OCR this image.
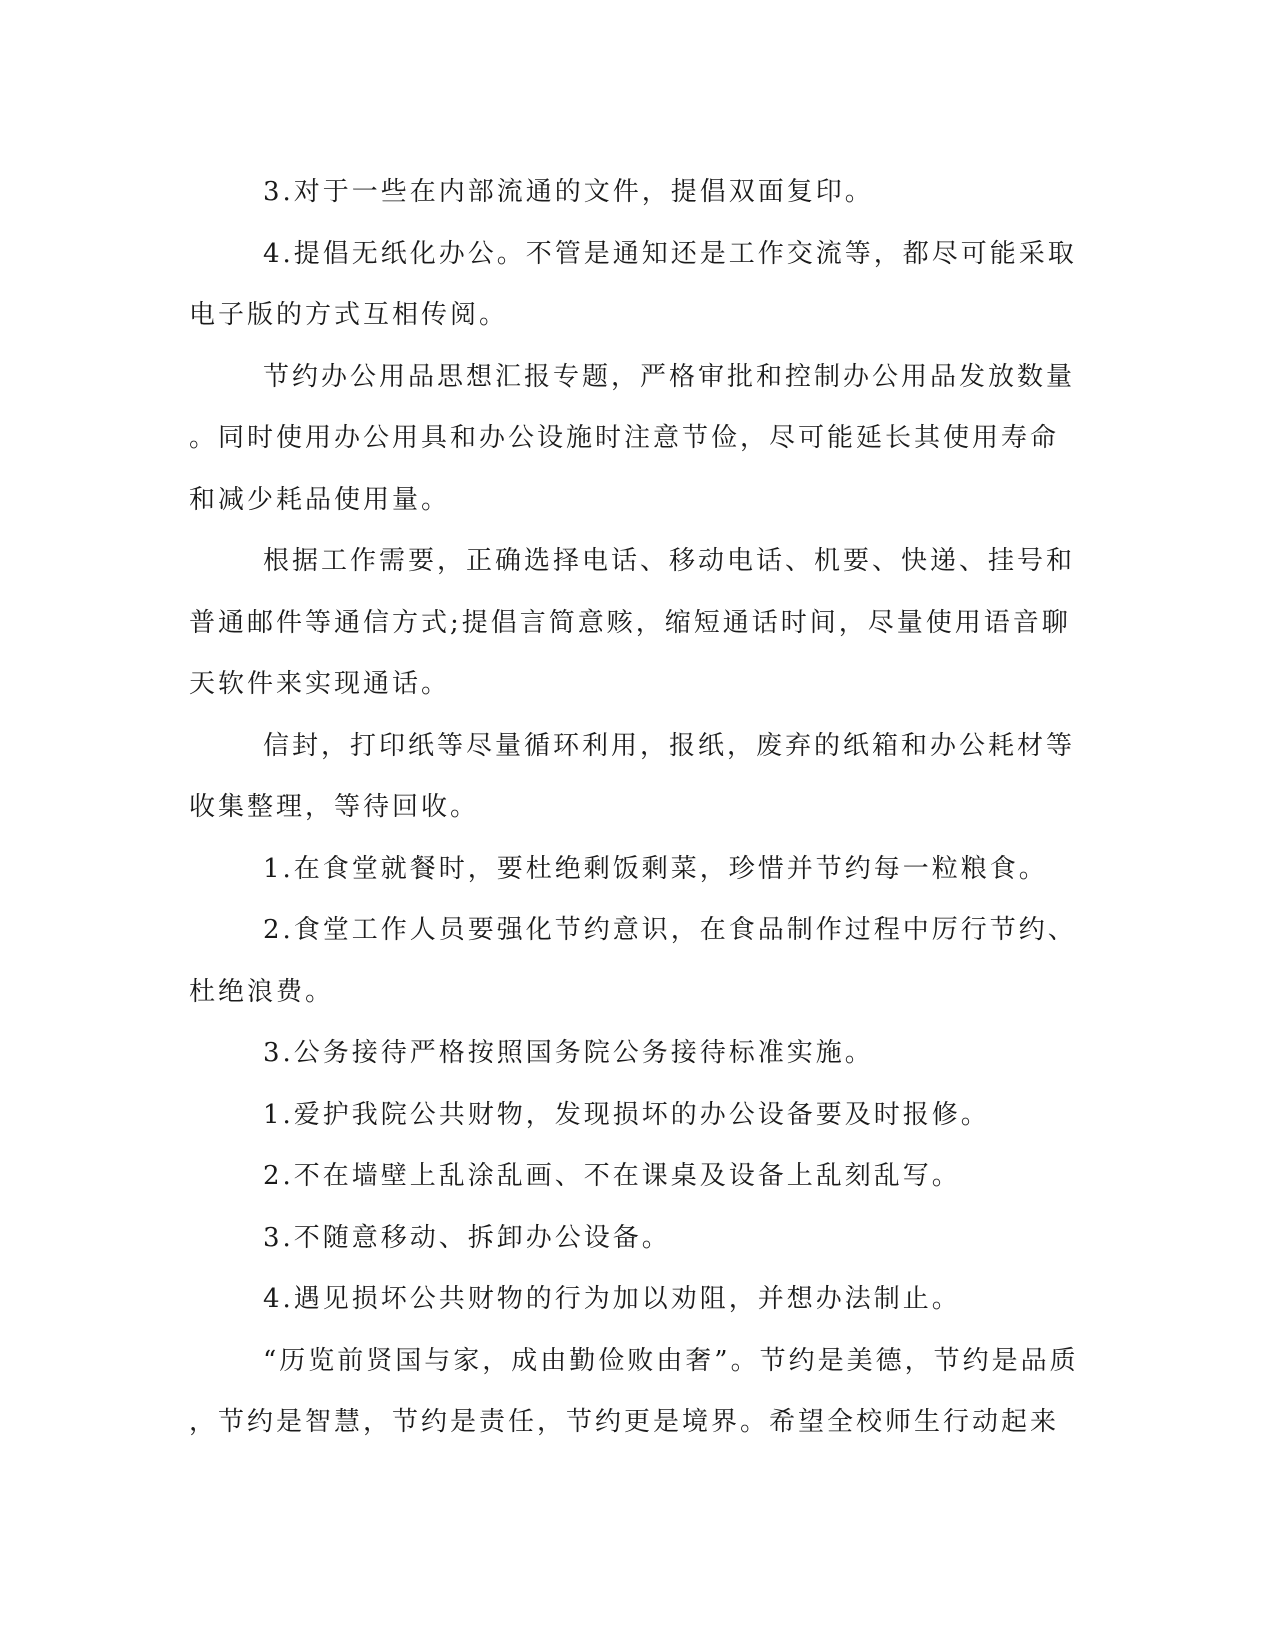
3.对于一些在内部流通的文件，提倡双面复印。
4.提倡无纸化办公。不管是通知还是工作交流等，都尽可能采取
电子版的方式互相传阅。
节约办公用品思想汇报专题，严格审批和控制办公用品发放数量
。同时使用办公用具和办公设施时注意节俭，尽可能延长其使用寿命
和减少耗品使用量。
根据工作需要，正确选择电话、移动电话、机要、快递、挂号和
普通邮件等通信方式;提倡言简意赅，缩短通话时间，尽量使用语音聊
天软件来实现通话。
信封，打印纸等尽量循环利用，报纸，废弃的纸箱和办公耗材等
收集整理，等待回收。
1.在食堂就餐时，要杜绝剩饭剩菜，珍惜并节约每一粒粮食。
2.食堂工作人员要强化节约意识，在食品制作过程中厉行节约、
杜绝浪费。
3.公务接待严格按照国务院公务接待标准实施。
1.爱护我院公共财物，发现损坏的办公设备要及时报修。
2.不在墙壁上乱涂乱画、不在课桌及设备上乱刻乱写。
3.不随意移动、拆卸办公设备。
4.遇见损坏公共财物的行为加以劝阻，并想办法制止。
“历览前贤国与家，成由勤俭败由奢”。节约是美德，节约是品质
，节约是智慧，节约是责任，节约更是境界。希望全校师生行动起来
